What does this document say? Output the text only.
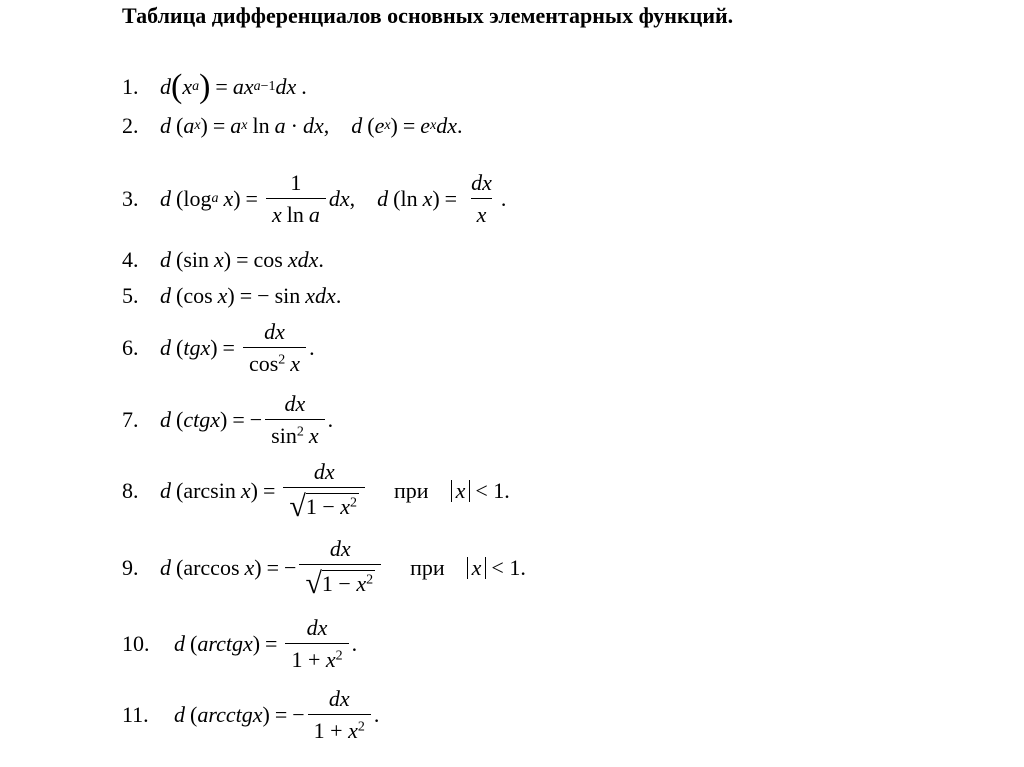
Таблица дифференциалов основных элементарных функций.
1. d ( x a ) = ax a−1 dx .
2. d ( a x ) = a x ln a · dx , d ( e x ) = e x dx .
3. d (log a x ) = $\frac{1}{\text{x ln a}}$ dx , d (ln x ) = $\frac{dx}{x}$ .
4. d (sin x ) = cos xdx .
5. d (cos x ) = − sin xdx .
6. d ( tgx ) = $\frac{dx}{\cos^2 x}$ .
7. d ( ctgx ) = − $\frac{dx}{\sin^2 x}$ .
8. d (arcsin x ) = $\frac{dx}{√ 1 - x^2}$ при x < 1.
9. d (arccos x ) = − $\frac{dx}{√ 1 - x^2}$ при x < 1.
10.	d ( arctgx ) = $\frac{dx}{1 + x^2}$ .
11.	d ( arcctgx ) = − $\frac{dx}{1 + x^2}$ .
